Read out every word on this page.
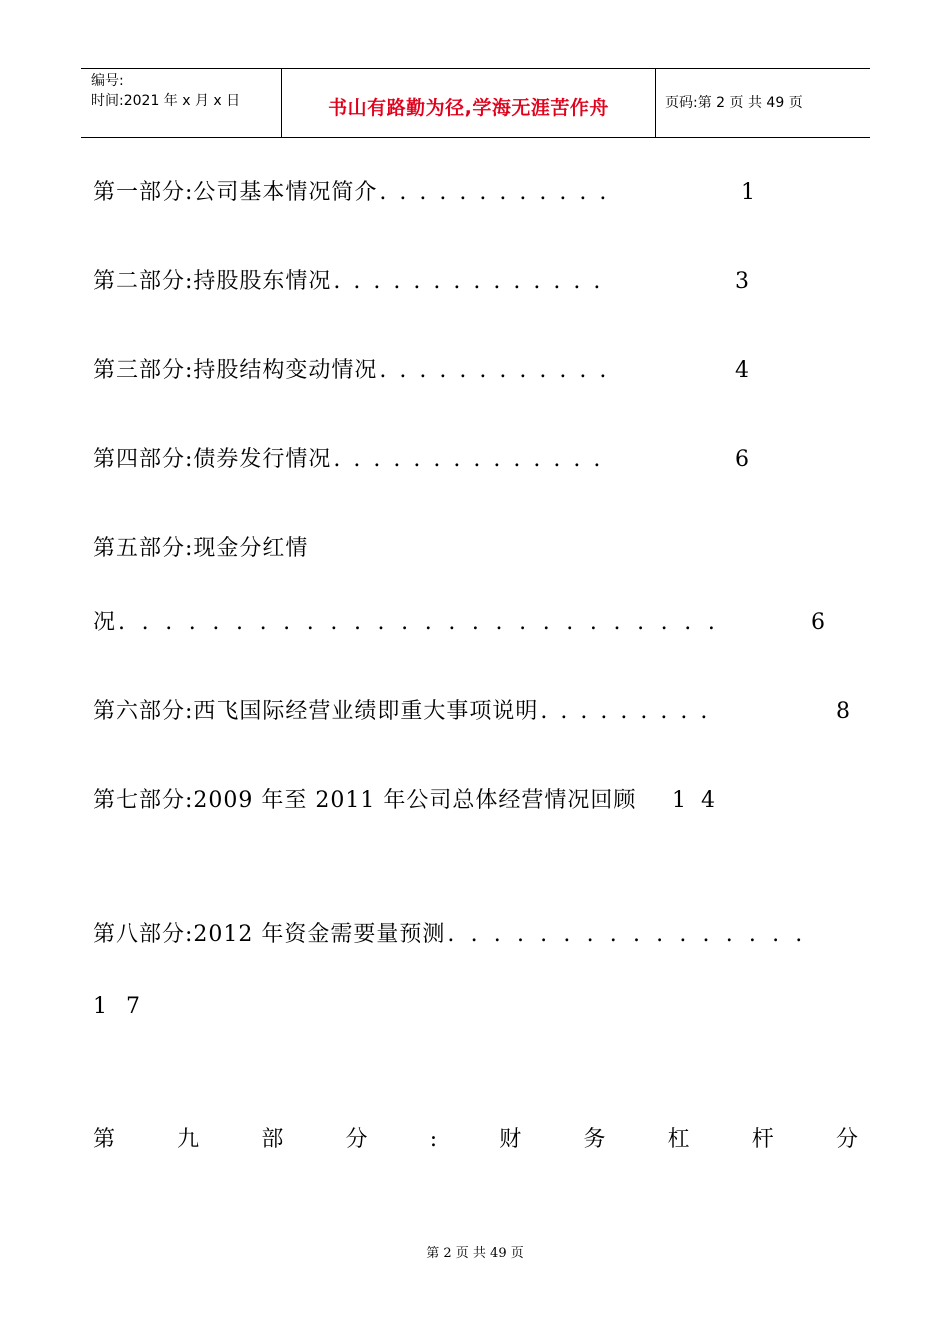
编号:
时间:2021 年 x 月 x 日	书山有路勤为径,学海无涯苦作舟	页码:第 2 页 共 49 页
第一部分:公司基本情况简介............	1
第二部分:持股股东情况..............	3
第三部分:持股结构变动情况............	4
第四部分:债券发行情况..............	6
第五部分:现金分红情
况..........................	6
第六部分:西飞国际经营业绩即重大事项说明.........	8
第七部分:2009 年至 2011 年公司总体经营情况回顾 1 4
第八部分:2012 年资金需要量预测................
1 7
第	九	部	分	:	财	务	杠	杆	分
第 2 页 共 49 页
